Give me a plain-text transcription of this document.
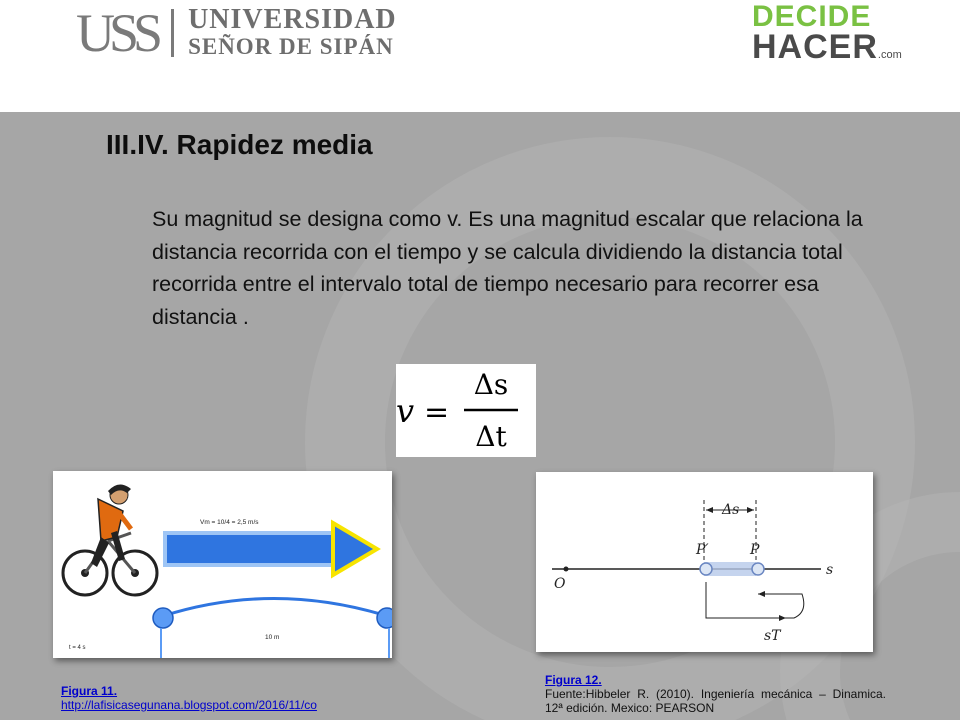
USS UNIVERSIDAD
SEÑOR DE SIPÁN
DECIDE
HACER.com
III.IV. Rapidez media

Su magnitud se designa como v. Es una magnitud escalar que relaciona la distancia recorrida con el tiempo y se calcula dividiendo la distancia total recorrida entre el intervalo total de tiempo necesario para recorrer esa distancia .

v =
Δs
Δt
Vm = 10/4 = 2,5 m/s
10 m
t = 4 s
Figura 11.
http://lafisicasegunana.blogspot.com/2016/11/co
O
Δs
P′	P
s
sT
Figura 12.
Fuente:Hibbeler R. (2010). Ingeniería mecánica – Dinamica. 12ª edición. Mexico: PEARSON
